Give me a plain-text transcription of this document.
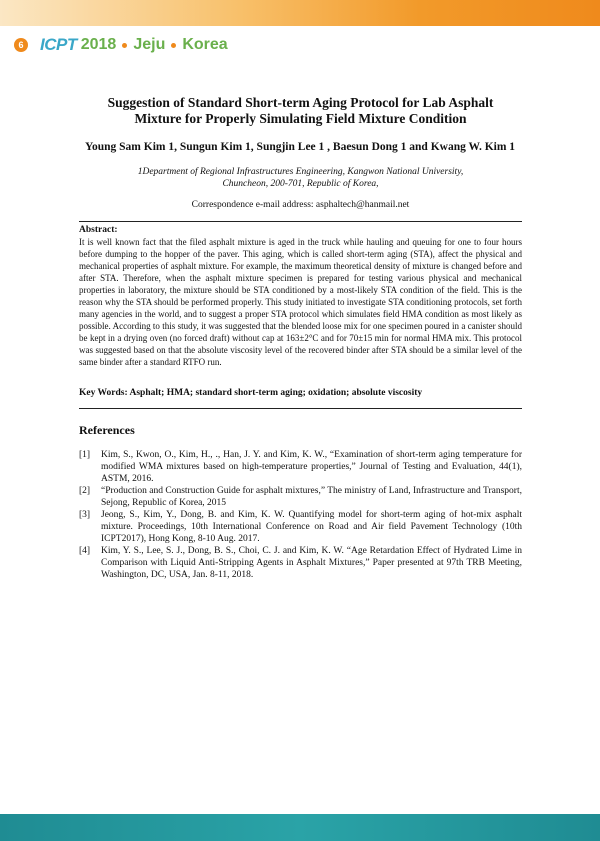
6 ICPT 2018 Jeju Korea
Suggestion of Standard Short-term Aging Protocol for Lab Asphalt
Mixture for Properly Simulating Field Mixture Condition
Young Sam Kim 1, Sungun Kim 1, Sungjin Lee 1 , Baesun Dong 1 and Kwang W. Kim 1
1Department of Regional Infrastructures Engineering, Kangwon National University,
Chuncheon, 200-701, Republic of Korea,
Correspondence e-mail address: asphaltech@hanmail.net
Abstract:
It is well known fact that the filed asphalt mixture is aged in the truck while hauling and queuing for one to four hours before dumping to the hopper of the paver. This aging, which is called short-term aging (STA), affect the physical and mechanical properties of asphalt mixture. For example, the maximum theoretical density of mixture is changed before and after STA. Therefore, when the asphalt mixture specimen is prepared for testing various physical and mechanical properties in laboratory, the mixture should be STA conditioned by a most-likely STA condition of the field. This is the reason why the STA should be performed properly. This study initiated to investigate STA conditioning protocols, set forth many agencies in the world, and to suggest a proper STA protocol which simulates field HMA condition as most likely as possible. According to this study, it was suggested that the blended loose mix for one specimen poured in a canister should be kept in a drying oven (no forced draft) without cap at 163±2°C and for 70±15 min for normal HMA mix. This protocol was suggested based on that the absolute viscosity level of the recovered binder after STA should be a similar level of the same binder after a standard RTFO run.
Key Words: Asphalt; HMA; standard short-term aging; oxidation; absolute viscosity
References
[1]	Kim, S., Kwon, O., Kim, H., ., Han, J. Y. and Kim, K. W., “Examination of short-term aging temperature for modified WMA mixtures based on high-temperature properties,” Journal of Testing and Evaluation, 44(1), ASTM, 2016.
[2]	“Production and Construction Guide for asphalt mixtures,” The ministry of Land, Infrastructure and Transport, Sejong, Republic of Korea, 2015
[3]	Jeong, S., Kim, Y., Dong, B. and Kim, K. W. Quantifying model for short-term aging of hot-mix asphalt mixture. Proceedings, 10th International Conference on Road and Air field Pavement Technology (10th ICPT2017), Hong Kong, 8-10 Aug. 2017.
[4]	Kim, Y. S., Lee, S. J., Dong, B. S., Choi, C. J. and Kim, K. W. “Age Retardation Effect of Hydrated Lime in Comparison with Liquid Anti-Stripping Agents in Asphalt Mixtures,” Paper presented at 97th TRB Meeting, Washington, DC, USA, Jan. 8-11, 2018.
